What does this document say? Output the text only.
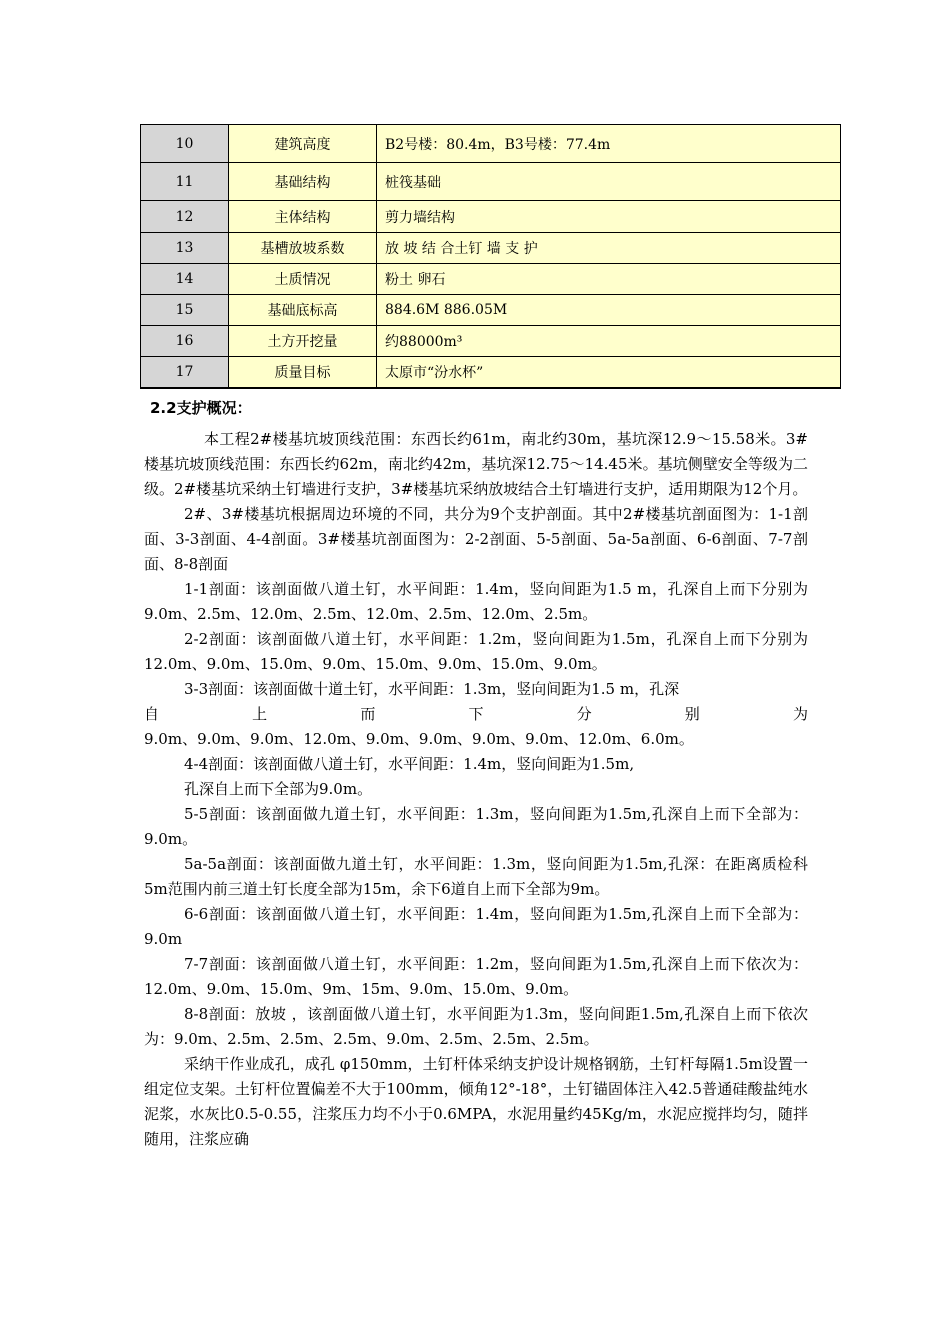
10	建筑高度	B2号楼：80.4m，B3号楼：77.4m
11	基础结构	桩筏基础
12	主体结构	剪力墙结构
13	基槽放坡系数	放 坡 结 合土钉 墙 支 护
14	土质情况	粉土 卵石
15	基础底标高	884.6M 886.05M
16	土方开挖量	约88000m³
17	质量目标	太原市“汾水杯”
2.2支护概况：

本工程2#楼基坑坡顶线范围：东西长约61m，南北约30m，基坑深12.9～15.58米。3#楼基坑坡顶线范围：东西长约62m，南北约42m，基坑深12.75～14.45米。基坑侧壁安全等级为二级。2#楼基坑采纳土钉墙进行支护，3#楼基坑采纳放坡结合土钉墙进行支护，适用期限为12个月。

2#、3#楼基坑根据周边环境的不同，共分为9个支护剖面。其中2#楼基坑剖面图为：1-1剖面、3-3剖面、4-4剖面。3#楼基坑剖面图为：2-2剖面、5-5剖面、5a-5a剖面、6-6剖面、7-7剖面、8-8剖面

1-1剖面：该剖面做八道土钉，水平间距：1.4m，竖向间距为1.5 m，孔深自上而下分别为9.0m、2.5m、12.0m、2.5m、12.0m、2.5m、12.0m、2.5m。

2-2剖面：该剖面做八道土钉，水平间距：1.2m，竖向间距为1.5m，孔深自上而下分别为12.0m、9.0m、15.0m、9.0m、15.0m、9.0m、15.0m、9.0m。

3-3剖面：该剖面做十道土钉，水平间距：1.3m，竖向间距为1.5 m，孔深

自	上	而	下	分	别	为

9.0m、9.0m、9.0m、12.0m、9.0m、9.0m、9.0m、9.0m、12.0m、6.0m。

4-4剖面：该剖面做八道土钉，水平间距：1.4m，竖向间距为1.5m,

孔深自上而下全部为9.0m。

5-5剖面：该剖面做九道土钉，水平间距：1.3m，竖向间距为1.5m,孔深自上而下全部为：9.0m。

5a-5a剖面：该剖面做九道土钉，水平间距：1.3m，竖向间距为1.5m,孔深：在距离质检科5m范围内前三道土钉长度全部为15m，余下6道自上而下全部为9m。

6-6剖面：该剖面做八道土钉，水平间距：1.4m，竖向间距为1.5m,孔深自上而下全部为：9.0m

7-7剖面：该剖面做八道土钉，水平间距：1.2m，竖向间距为1.5m,孔深自上而下依次为：12.0m、9.0m、15.0m、9m、15m、9.0m、15.0m、9.0m。

8-8剖面：放坡 ，该剖面做八道土钉，水平间距为1.3m，竖向间距1.5m,孔深自上而下依次为：9.0m、2.5m、2.5m、2.5m、9.0m、2.5m、2.5m、2.5m。

采纳干作业成孔，成孔 φ150mm，土钉杆体采纳支护设计规格钢筋，土钉杆每隔1.5m设置一组定位支架。土钉杆位置偏差不大于100mm，倾角12°-18°，土钉锚固体注入42.5普通硅酸盐纯水泥浆，水灰比0.5-0.55，注浆压力均不小于0.6MPA，水泥用量约45Kg/m，水泥应搅拌均匀，随拌随用，注浆应确
